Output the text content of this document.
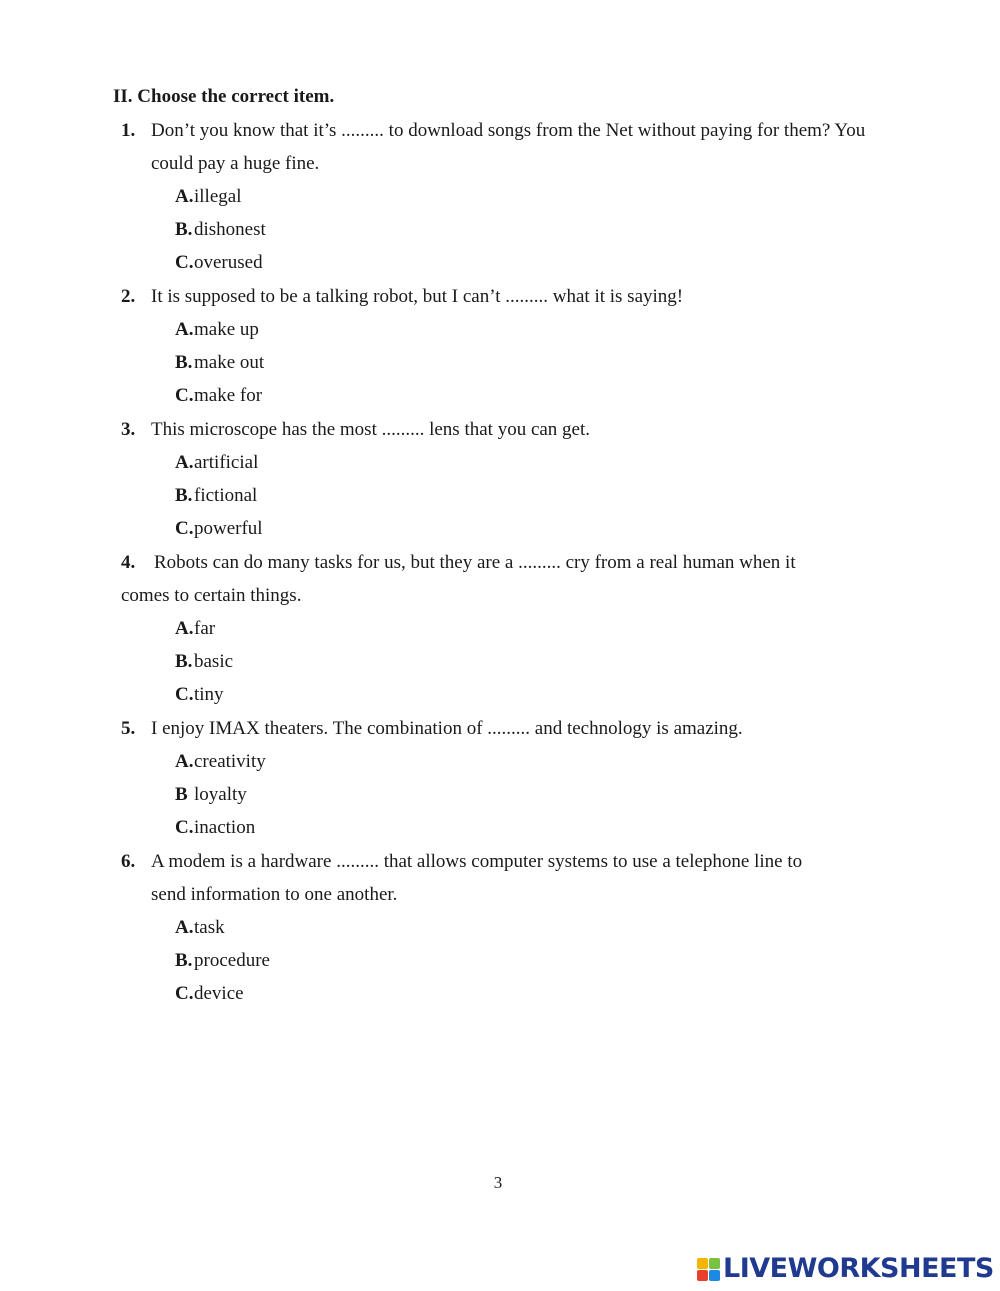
II. Choose the correct item.
1. Don’t you know that it’s ......... to download songs from the Net without paying for them? You
could pay a huge fine.
A.illegal
B.dishonest
C.overused
2. It is supposed to be a talking robot, but I can’t ......... what it is saying!
A.make up
B.make out
C.make for
3. This microscope has the most ......... lens that you can get.
A.artificial
B.fictional
C.powerful
4. Robots can do many tasks for us, but they are a ......... cry from a real human when it
comes to certain things.
A.far
B.basic
C.tiny
5. I enjoy IMAX theaters. The combination of ......... and technology is amazing.
A.creativity
B loyalty
C.inaction
6. A modem is a hardware ......... that allows computer systems to use a telephone line to
send information to one another.
A.task
B.procedure
C.device
3
LIVEWORKSHEETS
